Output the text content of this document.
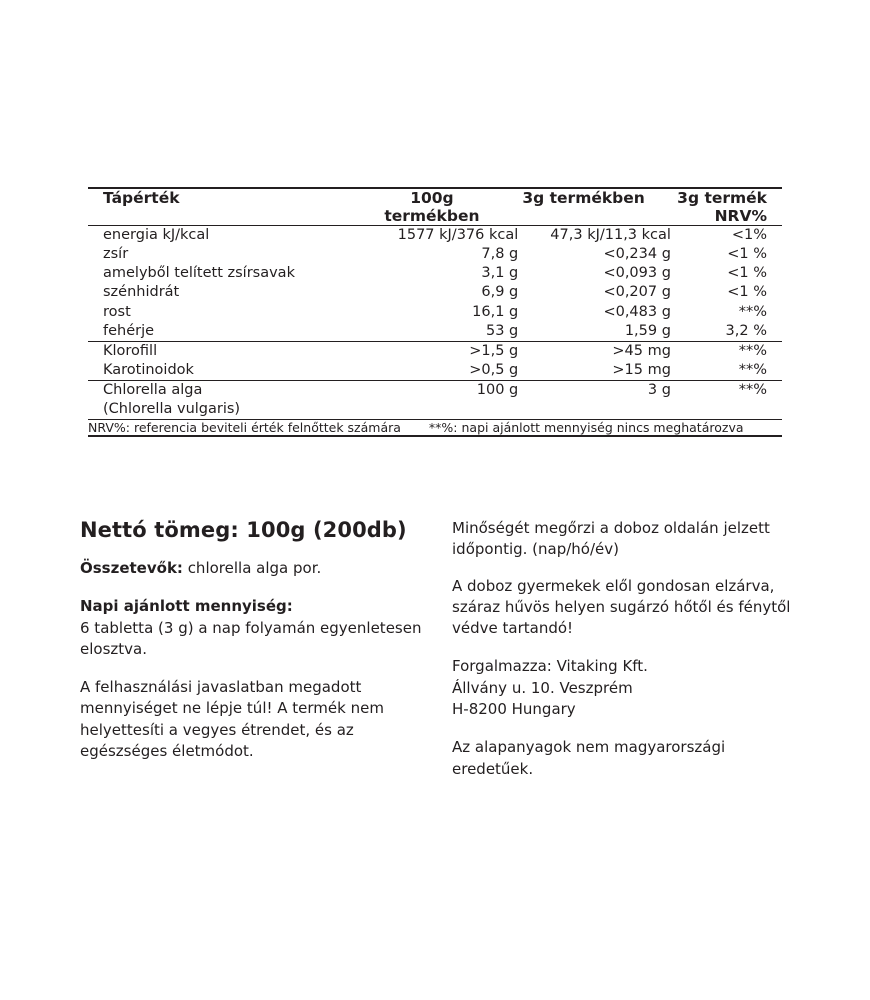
Tápérték	100g termékben	3g termékben	3g termék NRV%
energia kJ/kcal	1577 kJ/376 kcal	47,3 kJ/11,3 kcal	<1%
zsír	7,8 g	<0,234 g	<1 %
amelyből telített zsírsavak	3,1 g	<0,093 g	<1 %
szénhidrát	6,9 g	<0,207 g	<1 %
rost	16,1 g	<0,483 g	**%
fehérje	53 g	1,59 g	3,2 %

Klorofill	>1,5 g	>45 mg	**%
Karotinoidok	>0,5 g	>15 mg	**%

Chlorella alga
(Chlorella vulgaris)	100 g	3 g	**%

NRV%: referencia beviteli érték felnőttek számára **%: napi ajánlott mennyiség nincs meghatározva			
Nettó tömeg: 100g (200db)

Összetevők: chlorella alga por.

Napi ajánlott mennyiség:
6 tabletta (3 g) a nap folyamán egyenletesen elosztva.

A felhasználási javaslatban megadott mennyiséget ne lépje túl! A termék nem helyettesíti a vegyes étrendet, és az egészséges életmódot.

Minőségét megőrzi a doboz oldalán jelzett időpontig. (nap/hó/év)

A doboz gyermekek elől gondosan elzárva, száraz hűvös helyen sugárzó hőtől és fénytől védve tartandó!

Forgalmazza: Vitaking Kft.
Állvány u. 10. Veszprém
H-8200 Hungary

Az alapanyagok nem magyarországi eredetűek.
